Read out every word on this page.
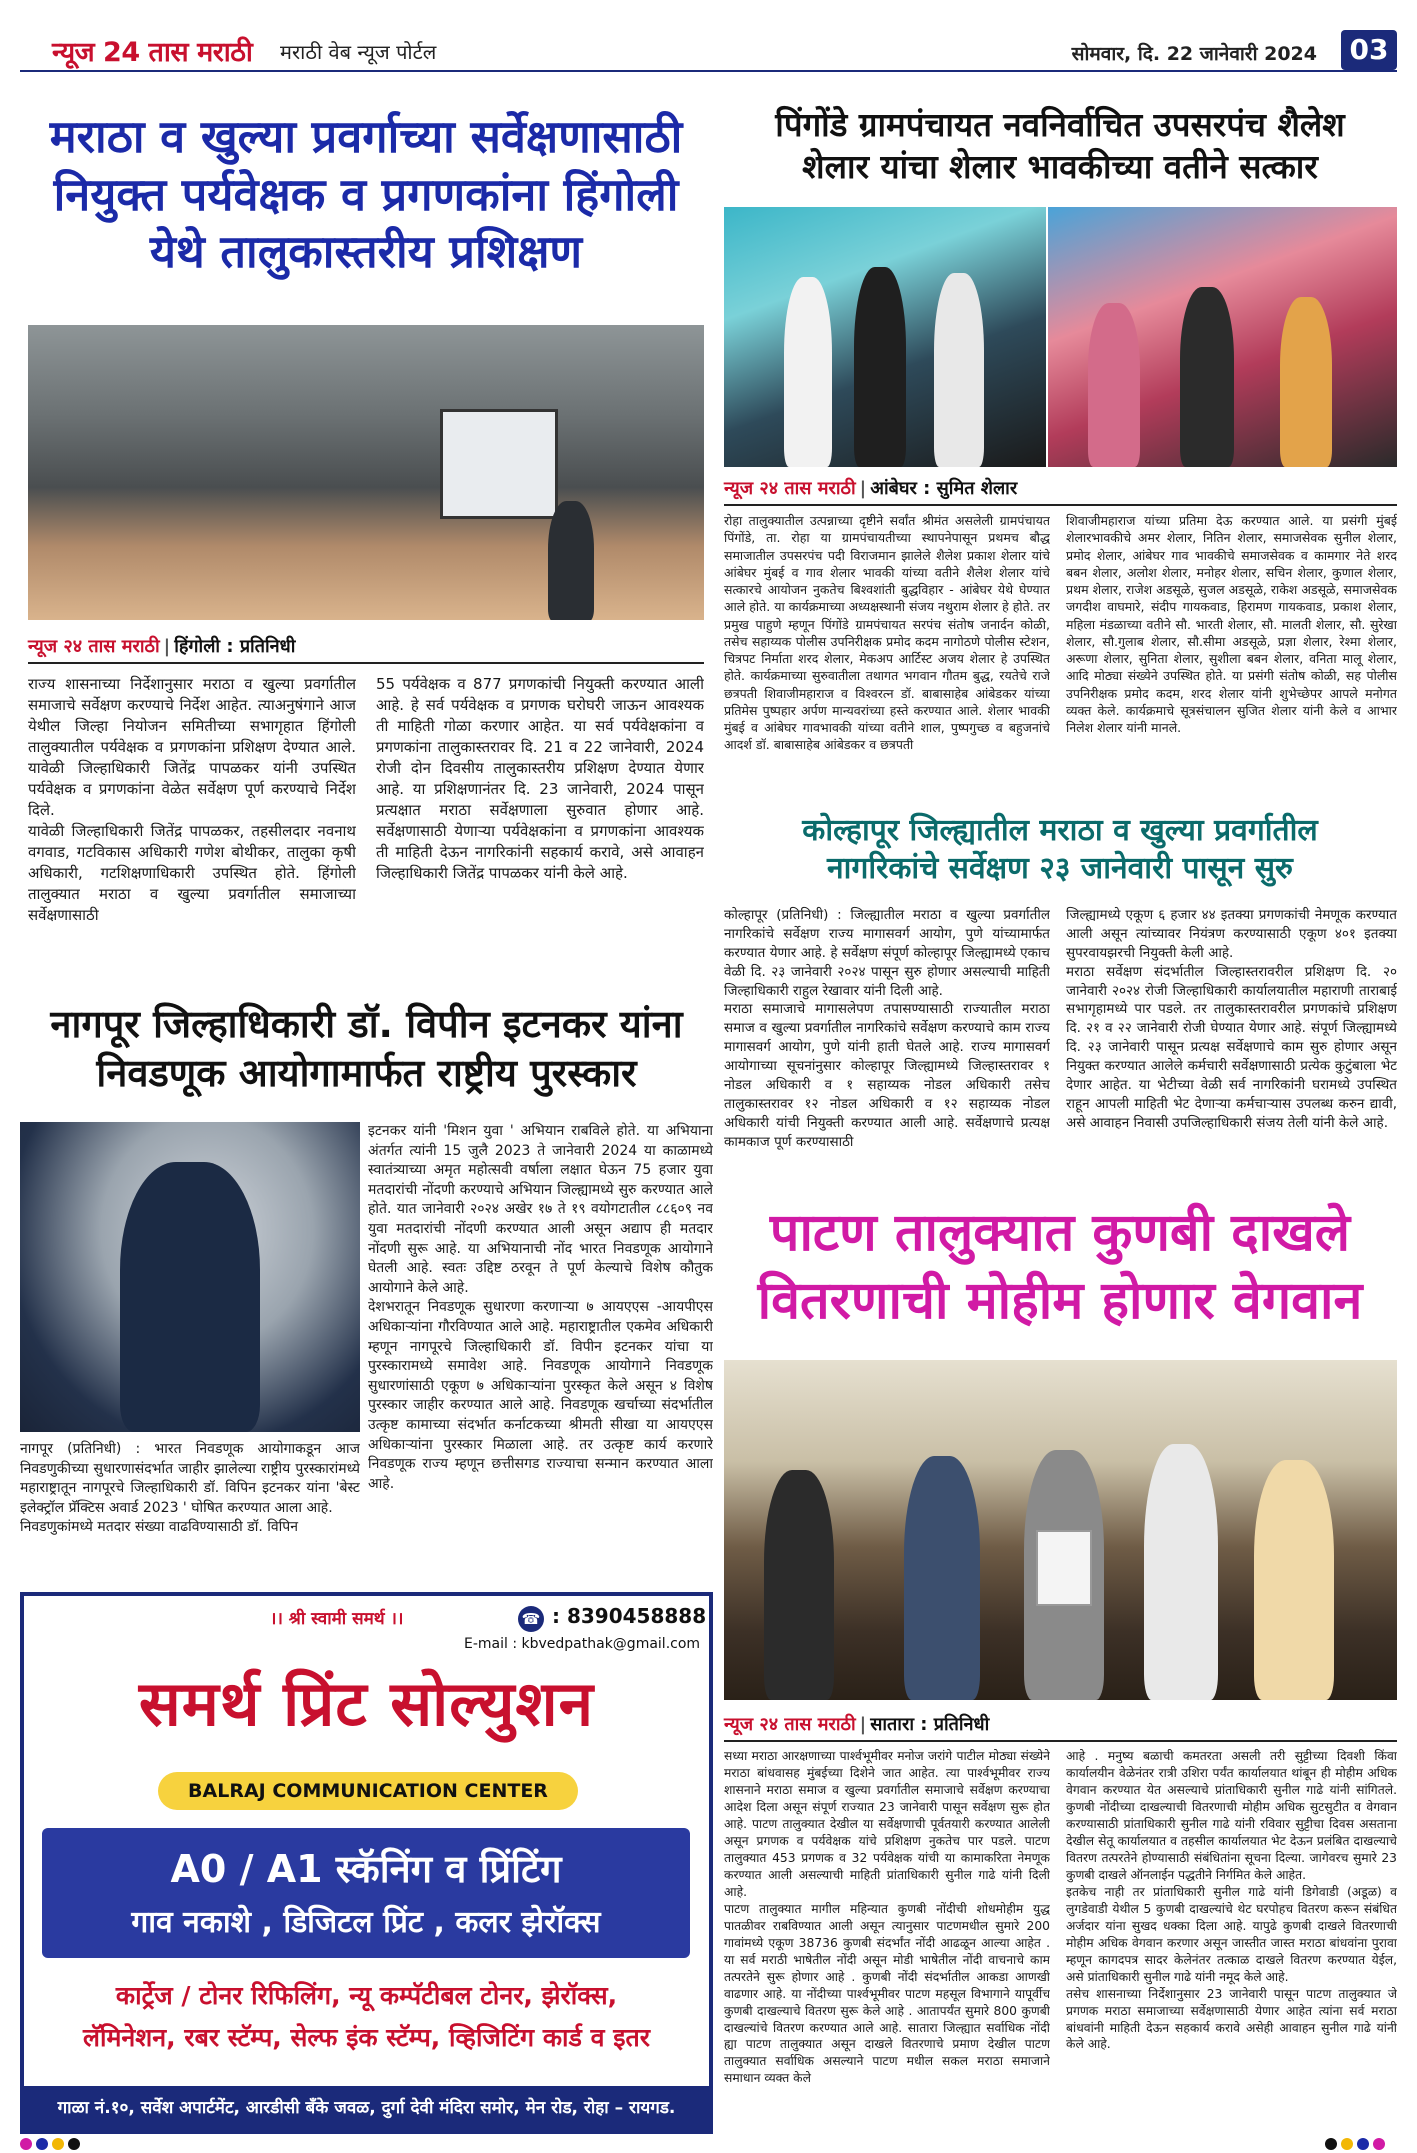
न्यूज 24 तास मराठी मराठी वेब न्यूज पोर्टल	सोमवार, दि. 22 जानेवारी 2024	03
मराठा व खुल्या प्रवर्गाच्या सर्वेक्षणासाठी
नियुक्त पर्यवेक्षक व प्रगणकांना हिंगोली
येथे तालुकास्तरीय प्रशिक्षण
न्यूज २४ तास मराठी | हिंगोली : प्रतिनिधी
राज्य शासनाच्या निर्देशानुसार मराठा व खुल्या प्रवर्गातील समाजाचे सर्वेक्षण करण्याचे निर्देश आहेत. त्याअनुषंगाने आज येथील जिल्हा नियोजन समितीच्या सभागृहात हिंगोली तालुक्यातील पर्यवेक्षक व प्रगणकांना प्रशिक्षण देण्यात आले. यावेळी जिल्हाधिकारी जितेंद्र पापळकर यांनी उपस्थित पर्यवेक्षक व प्रगणकांना वेळेत सर्वेक्षण पूर्ण करण्याचे निर्देश दिले.
यावेळी जिल्हाधिकारी जितेंद्र पापळकर, तहसीलदार नवनाथ वगवाड, गटविकास अधिकारी गणेश बोथीकर, तालुका कृषी अधिकारी, गटशिक्षणाधिकारी उपस्थित होते. हिंगोली तालुक्यात मराठा व खुल्या प्रवर्गातील समाजाच्या सर्वेक्षणासाठी
55 पर्यवेक्षक व 877 प्रगणकांची नियुक्ती करण्यात आली आहे. हे सर्व पर्यवेक्षक व प्रगणक घरोघरी जाऊन आवश्यक ती माहिती गोळा करणार आहेत. या सर्व पर्यवेक्षकांना व प्रगणकांना तालुकास्तरावर दि. 21 व 22 जानेवारी, 2024 रोजी दोन दिवसीय तालुकास्तरीय प्रशिक्षण देण्यात येणार आहे. या प्रशिक्षणानंतर दि. 23 जानेवारी, 2024 पासून प्रत्यक्षात मराठा सर्वेक्षणाला सुरुवात होणार आहे. सर्वेक्षणासाठी येणाऱ्या पर्यवेक्षकांना व प्रगणकांना आवश्यक ती माहिती देऊन नागरिकांनी सहकार्य करावे, असे आवाहन जिल्हाधिकारी जितेंद्र पापळकर यांनी केले आहे.
पिंगोंडे ग्रामपंचायत नवनिर्वाचित उपसरपंच शैलेश
शेलार यांचा शेलार भावकीच्या वतीने सत्कार
न्यूज २४ तास मराठी | आंबेघर : सुमित शेलार
रोहा तालुक्यातील उत्पन्नाच्या दृष्टीने सर्वांत श्रीमंत असलेली ग्रामपंचायत पिंगोंडे, ता. रोहा या ग्रामपंचायतीच्या स्थापनेपासून प्रथमच बौद्ध समाजातील उपसरपंच पदी विराजमान झालेले शैलेश प्रकाश शेलार यांचे आंबेघर मुंबई व गाव शेलार भावकी यांच्या वतीने शैलेश शेलार यांचे सत्कारचे आयोजन नुकतेच बिश्वशांती बुद्धविहार - आंबेघर येथे घेण्यात आले होते. या कार्यक्रमाच्या अध्यक्षस्थानी संजय नथुराम शेलार हे होते. तर प्रमुख पाहुणे म्हणून पिंगोंडे ग्रामपंचायत सरपंच संतोष जनार्दन कोळी, तसेच सहाय्यक पोलीस उपनिरीक्षक प्रमोद कदम नागोठणे पोलीस स्टेशन, चित्रपट निर्माता शरद शेलार, मेकअप आर्टिस्ट अजय शेलार हे उपस्थित होते. कार्यक्रमाच्या सुरुवातीला तथागत भगवान गौतम बुद्ध, रयतेचे राजे छत्रपती शिवाजीमहाराज व विश्वरत्न डॉ. बाबासाहेब आंबेडकर यांच्या प्रतिमेस पुष्पहार अर्पण मान्यवरांच्या हस्ते करण्यात आले. शेलार भावकी मुंबई व आंबेघर गावभावकी यांच्या वतीने शाल, पुष्पगुच्छ व बहुजनांचे आदर्श डॉ. बाबासाहेब आंबेडकर व छत्रपती
शिवाजीमहाराज यांच्या प्रतिमा देऊ करण्यात आले. या प्रसंगी मुंबई शेलारभावकीचे अमर शेलार, नितिन शेलार, समाजसेवक सुनील शेलार, प्रमोद शेलार, आंबेघर गाव भावकीचे समाजसेवक व कामगार नेते शरद बबन शेलार, अलोश शेलार, मनोहर शेलार, सचिन शेलार, कुणाल शेलार, प्रथम शेलार, राजेश अडसूळे, सुजल अडसूळे, राकेश अडसूळे, समाजसेवक जगदीश वाघमारे, संदीप गायकवाड, हिरामण गायकवाड, प्रकाश शेलार, महिला मंडळाच्या वतीने सौ. भारती शेलार, सौ. मालती शेलार, सौ. सुरेखा शेलार, सौ.गुलाब शेलार, सौ.सीमा अडसूळे, प्रज्ञा शेलार, रेश्मा शेलार, अरूणा शेलार, सुनिता शेलार, सुशीला बबन शेलार, वनिता मालू शेलार, आदि मोठ्या संख्येने उपस्थित होते. या प्रसंगी संतोष कोळी, सह पोलीस उपनिरीक्षक प्रमोद कदम, शरद शेलार यांनी शुभेच्छेपर आपले मनोगत व्यक्त केले. कार्यक्रमाचे सूत्रसंचालन सुजित शेलार यांनी केले व आभार निलेश शेलार यांनी मानले.
कोल्हापूर जिल्ह्यातील मराठा व खुल्या प्रवर्गातील
नागरिकांचे सर्वेक्षण २३ जानेवारी पासून सुरु
कोल्हापूर (प्रतिनिधी) : जिल्ह्यातील मराठा व खुल्या प्रवर्गातील नागरिकांचे सर्वेक्षण राज्य मागासवर्ग आयोग, पुणे यांच्यामार्फत करण्यात येणार आहे. हे सर्वेक्षण संपूर्ण कोल्हापूर जिल्ह्यामध्ये एकाच वेळी दि. २३ जानेवारी २०२४ पासून सुरु होणार असल्याची माहिती जिल्हाधिकारी राहुल रेखावार यांनी दिली आहे.
मराठा समाजाचे मागासलेपण तपासण्यासाठी राज्यातील मराठा समाज व खुल्या प्रवर्गातील नागरिकांचे सर्वेक्षण करण्याचे काम राज्य मागासवर्ग आयोग, पुणे यांनी हाती घेतले आहे. राज्य मागासवर्ग आयोगाच्या सूचनांनुसार कोल्हापूर जिल्ह्यामध्ये जिल्हास्तरावर १ नोडल अधिकारी व १ सहाय्यक नोडल अधिकारी तसेच तालुकास्तरावर १२ नोडल अधिकारी व १२ सहाय्यक नोडल अधिकारी यांची नियुक्ती करण्यात आली आहे. सर्वेक्षणाचे प्रत्यक्ष कामकाज पूर्ण करण्यासाठी
जिल्ह्यामध्ये एकूण ६ हजार ४४ इतक्या प्रगणकांची नेमणूक करण्यात आली असून त्यांच्यावर नियंत्रण करण्यासाठी एकूण ४०१ इतक्या सुपरवायझरची नियुक्ती केली आहे.
मराठा सर्वेक्षण संदर्भातील जिल्हास्तरावरील प्रशिक्षण दि. २० जानेवारी २०२४ रोजी जिल्हाधिकारी कार्यालयातील महाराणी ताराबाई सभागृहामध्ये पार पडले. तर तालुकास्तरावरील प्रगणकांचे प्रशिक्षण दि. २१ व २२ जानेवारी रोजी घेण्यात येणार आहे. संपूर्ण जिल्ह्यामध्ये दि. २३ जानेवारी पासून प्रत्यक्ष सर्वेक्षणाचे काम सुरु होणार असून नियुक्त करण्यात आलेले कर्मचारी सर्वेक्षणासाठी प्रत्येक कुटुंबाला भेट देणार आहेत. या भेटीच्या वेळी सर्व नागरिकांनी घरामध्ये उपस्थित राहून आपली माहिती भेट देणाऱ्या कर्मचाऱ्यास उपलब्ध करुन द्यावी, असे आवाहन निवासी उपजिल्हाधिकारी संजय तेली यांनी केले आहे.
नागपूर जिल्हाधिकारी डॉ. विपीन इटनकर यांना
निवडणूक आयोगामार्फत राष्ट्रीय पुरस्कार
नागपूर (प्रतिनिधी) : भारत निवडणूक आयोगाकडून आज निवडणुकीच्या सुधारणासंदर्भात जाहीर झालेल्या राष्ट्रीय पुरस्कारांमध्ये महाराष्ट्रातून नागपूरचे जिल्हाधिकारी डॉ. विपिन इटनकर यांना 'बेस्ट इलेक्ट्रॉल प्रॅक्टिस अवार्ड 2023 ' घोषित करण्यात आला आहे.
निवडणुकांमध्ये मतदार संख्या वाढविण्यासाठी डॉ. विपिन
इटनकर यांनी 'मिशन युवा ' अभियान राबविले होते. या अभियाना अंतर्गत त्यांनी 15 जुलै 2023 ते जानेवारी 2024 या काळामध्ये स्वातंत्र्याच्या अमृत महोत्सवी वर्षाला लक्षात घेऊन 75 हजार युवा मतदारांची नोंदणी करण्याचे अभियान जिल्ह्यामध्ये सुरु करण्यात आले होते. यात जानेवारी २०२४ अखेर १७ ते १९ वयोगटातील ८८६०९ नव युवा मतदारांची नोंदणी करण्यात आली असून अद्याप ही मतदार नोंदणी सुरू आहे. या अभियानाची नोंद भारत निवडणूक आयोगाने घेतली आहे. स्वतः उद्दिष्ट ठरवून ते पूर्ण केल्याचे विशेष कौतुक आयोगाने केले आहे.
देशभरातून निवडणूक सुधारणा करणाऱ्या ७ आयएएस -आयपीएस अधिकाऱ्यांना गौरविण्यात आले आहे. महाराष्ट्रातील एकमेव अधिकारी म्हणून नागपूरचे जिल्हाधिकारी डॉ. विपीन इटनकर यांचा या पुरस्कारामध्ये समावेश आहे. निवडणूक आयोगाने निवडणूक सुधारणांसाठी एकूण ७ अधिकाऱ्यांना पुरस्कृत केले असून ४ विशेष पुरस्कार जाहीर करण्यात आले आहे. निवडणूक खर्चाच्या संदर्भातील उत्कृष्ट कामाच्या संदर्भात कर्नाटकच्या श्रीमती सीखा या आयएएस अधिकाऱ्यांना पुरस्कार मिळाला आहे. तर उत्कृष्ट कार्य करणारे निवडणूक राज्य म्हणून छत्तीसगड राज्याचा सन्मान करण्यात आला आहे.
पाटण तालुक्यात कुणबी दाखले
वितरणाची मोहीम होणार वेगवान
न्यूज २४ तास मराठी | सातारा : प्रतिनिधी
सध्या मराठा आरक्षणाच्या पार्श्वभूमीवर मनोज जरांगे पाटील मोठ्या संख्येने मराठा बांधवासह मुंबईच्या दिशेने जात आहेत. त्या पार्श्वभूमीवर राज्य शासनाने मराठा समाज व खुल्या प्रवर्गातील समाजाचे सर्वेक्षण करण्याचा आदेश दिला असून संपूर्ण राज्यात 23 जानेवारी पासून सर्वेक्षण सुरू होत आहे. पाटण तालुक्यात देखील या सर्वेक्षणाची पूर्वतयारी करण्यात आलेली असून प्रगणक व पर्यवेक्षक यांचे प्रशिक्षण नुकतेच पार पडले. पाटण तालुक्यात 453 प्रगणक व 32 पर्यवेक्षक यांची या कामाकरिता नेमणूक करण्यात आली असल्याची माहिती प्रांताधिकारी सुनील गाढे यांनी दिली आहे.
पाटण तालुक्यात मागील महिन्यात कुणबी नोंदीची शोधमोहीम युद्ध पातळीवर राबविण्यात आली असून त्यानुसार पाटणमधील सुमारे 200 गावांमध्ये एकूण 38736 कुणबी संदर्भांत नोंदी आढळून आल्या आहेत . या सर्व मराठी भाषेतील नोंदी असून मोडी भाषेतील नोंदी वाचनाचे काम तत्परतेने सुरू होणार आहे . कुणबी नोंदी संदर्भातील आकडा आणखी वाढणार आहे. या नोंदीच्या पार्श्वभूमीवर पाटण महसूल विभागाने यापूर्वीच कुणबी दाखल्याचे वितरण सुरू केले आहे . आतापर्यंत सुमारे 800 कुणबी दाखल्यांचे वितरण करण्यात आले आहे. सातारा जिल्ह्यात सर्वाधिक नोंदी ह्या पाटण तालुक्यात असून दाखले वितरणाचे प्रमाण देखील पाटण तालुक्यात सर्वाधिक असल्याने पाटण मधील सकल मराठा समाजाने समाधान व्यक्त केले
आहे . मनुष्य बळाची कमतरता असली तरी सुट्टीच्या दिवशी किंवा कार्यालयीन वेळेनंतर रात्री उशिरा पर्यंत कार्यालयात थांबून ही मोहीम अधिक वेगवान करण्यात येत असल्याचे प्रांताधिकारी सुनील गाढे यांनी सांगितले. कुणबी नोंदीच्या दाखल्याची वितरणाची मोहीम अधिक सुटसुटीत व वेगवान करण्यासाठी प्रांताधिकारी सुनील गाढे यांनी रविवार सुट्टीचा दिवस असताना देखील सेतू कार्यालयात व तहसील कार्यालयात भेट देऊन प्रलंबित दाखल्याचे वितरण तत्परतेने होण्यासाठी संबंधितांना सूचना दिल्या. जागेवरच सुमारे 23 कुणबी दाखले ऑनलाईन पद्धतीने निर्गमित केले आहेत.
इतकेच नाही तर प्रांताधिकारी सुनील गाढे यांनी डिगेवाडी (अडूळ) व लुगडेवाडी येथील 5 कुणबी दाखल्यांचे थेट घरपोहच वितरण करून संबंधित अर्जदार यांना सुखद धक्का दिला आहे. यापुढे कुणबी दाखले वितरणाची मोहीम अधिक वेगवान करणार असून जास्तीत जास्त मराठा बांधवांना पुरावा म्हणून कागदपत्र सादर केलेनंतर तत्काळ दाखले वितरण करण्यात येईल, असे प्रांताधिकारी सुनील गाढे यांनी नमूद केले आहे.
तसेच शासनाच्या निर्देशानुसार 23 जानेवारी पासून पाटण तालुक्यात जे प्रगणक मराठा समाजाच्या सर्वेक्षणासाठी येणार आहेत त्यांना सर्व मराठा बांधवांनी माहिती देऊन सहकार्य करावे असेही आवाहन सुनील गाढे यांनी केले आहे.
।। श्री स्वामी समर्थ ।।	☎ : 8390458888
E-mail : kbvedpathak@gmail.com
समर्थ प्रिंट सोल्युशन
BALRAJ COMMUNICATION CENTER
A0 / A1 स्कॅनिंग व प्रिंटिंग
गाव नकाशे , डिजिटल प्रिंट , कलर झेरॉक्स
कार्ट्रेज / टोनर रिफिलिंग, न्यू कम्पॅटीबल टोनर, झेरॉक्स,
लॅमिनेशन, रबर स्टॅम्प, सेल्फ इंक स्टॅम्प, व्हिजिटिंग कार्ड व इतर
गाळा नं.१०, सर्वेश अपार्टमेंट, आरडीसी बँके जवळ, दुर्गा देवी मंदिरा समोर, मेन रोड, रोहा – रायगड.
